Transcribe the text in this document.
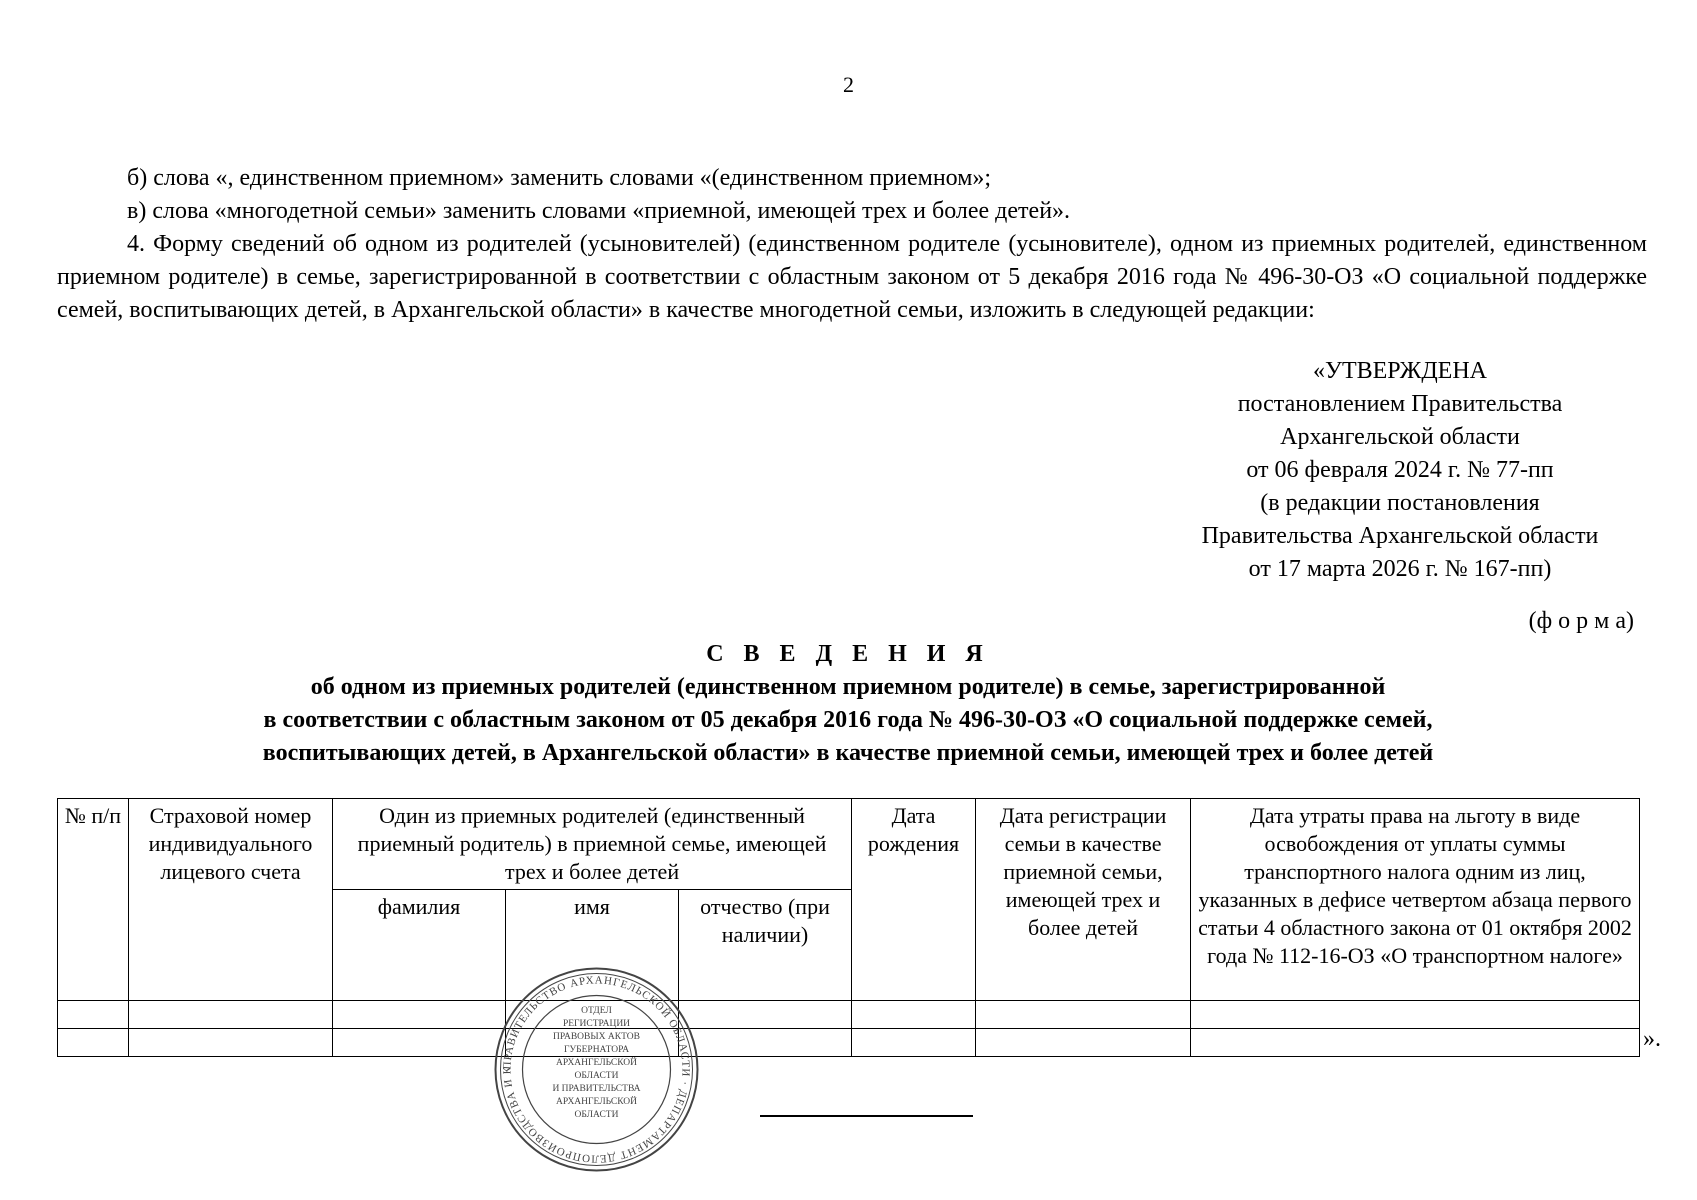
2

б) слова «, единственном приемном» заменить словами «(единственном приемном»;

в) слова «многодетной семьи» заменить словами «приемной, имеющей трех и более детей».

4. Форму сведений об одном из родителей (усыновителей) (единственном родителе (усыновителе), одном из приемных родителей, единственном приемном родителе) в семье, зарегистрированной в соответствии с областным законом от 5 декабря 2016 года № 496-30-ОЗ «О социальной поддержке семей, воспитывающих детей, в Архангельской области» в качестве многодетной семьи, изложить в следующей редакции:

«УТВЕРЖДЕНА
постановлением Правительства
Архангельской области
от 06 февраля 2024 г. № 77-пп
(в редакции постановления
Правительства Архангельской области
от 17 марта 2026 г. № 167-пп)
(ф о р м а)
С В Е Д Е Н И Я
об одном из приемных родителей (единственном приемном родителе) в семье, зарегистрированной
в соответствии с областным законом от 05 декабря 2016 года № 496-30-ОЗ «О социальной поддержке семей,
воспитывающих детей, в Архангельской области» в качестве приемной семьи, имеющей трех и более детей
№ п/п	Страховой номер индивидуального лицевого счета	Один из приемных родителей (единственный приемный родитель) в приемной семье, имеющей трех и более детей			Дата рождения	Дата регистрации семьи в качестве приемной семьи, имеющей трех и более детей	Дата утраты права на льготу в виде освобождения от уплаты суммы транспортного налога одним из лиц, указанных в дефисе четвертом абзаца первого статьи 4 областного закона от 01 октября 2002 года № 112-16-ОЗ «О транспортном налоге»
		фамилия	имя	отчество (при наличии)			

».
ПРАВИТЕЛЬСТВО АРХАНГЕЛЬСКОЙ ОБЛАСТИ · ДЕПАРТАМЕНТ ДЕЛОПРОИЗВОДСТВА И К
ОТДЕЛ
РЕГИСТРАЦИИ
ПРАВОВЫХ АКТОВ
ГУБЕРНАТОРА
АРХАНГЕЛЬСКОЙ
ОБЛАСТИ
И ПРАВИТЕЛЬСТВА
АРХАНГЕЛЬСКОЙ
ОБЛАСТИ
